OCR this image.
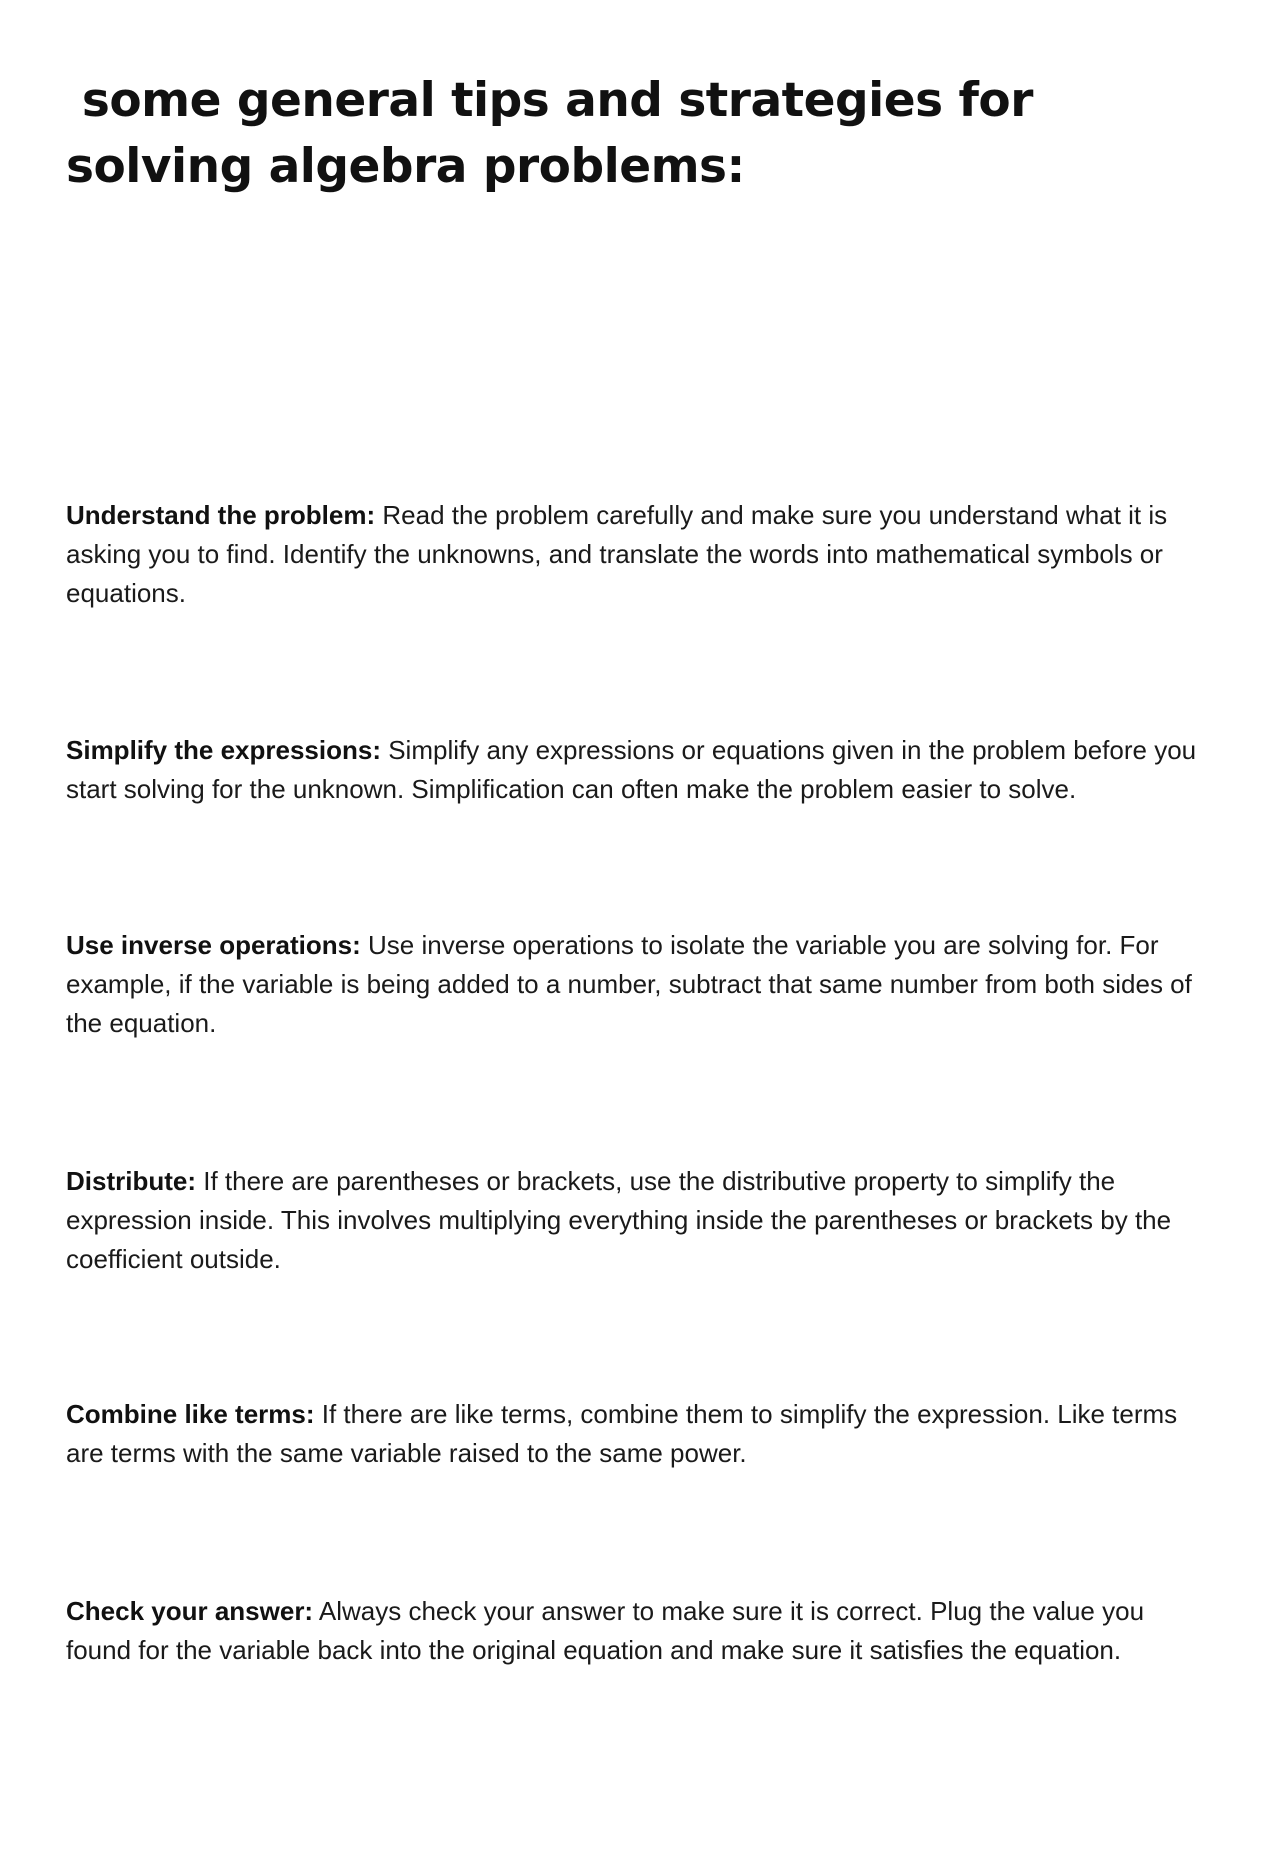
some general tips and strategies for solving algebra problems:

Understand the problem: Read the problem carefully and make sure you understand what it is asking you to find. Identify the unknowns, and translate the words into mathematical symbols or equations.

Simplify the expressions: Simplify any expressions or equations given in the problem before you start solving for the unknown. Simplification can often make the problem easier to solve.

Use inverse operations: Use inverse operations to isolate the variable you are solving for. For example, if the variable is being added to a number, subtract that same number from both sides of the equation.

Distribute: If there are parentheses or brackets, use the distributive property to simplify the expression inside. This involves multiplying everything inside the parentheses or brackets by the coefficient outside.

Combine like terms: If there are like terms, combine them to simplify the expression. Like terms are terms with the same variable raised to the same power.

Check your answer: Always check your answer to make sure it is correct. Plug the value you found for the variable back into the original equation and make sure it satisfies the equation.
